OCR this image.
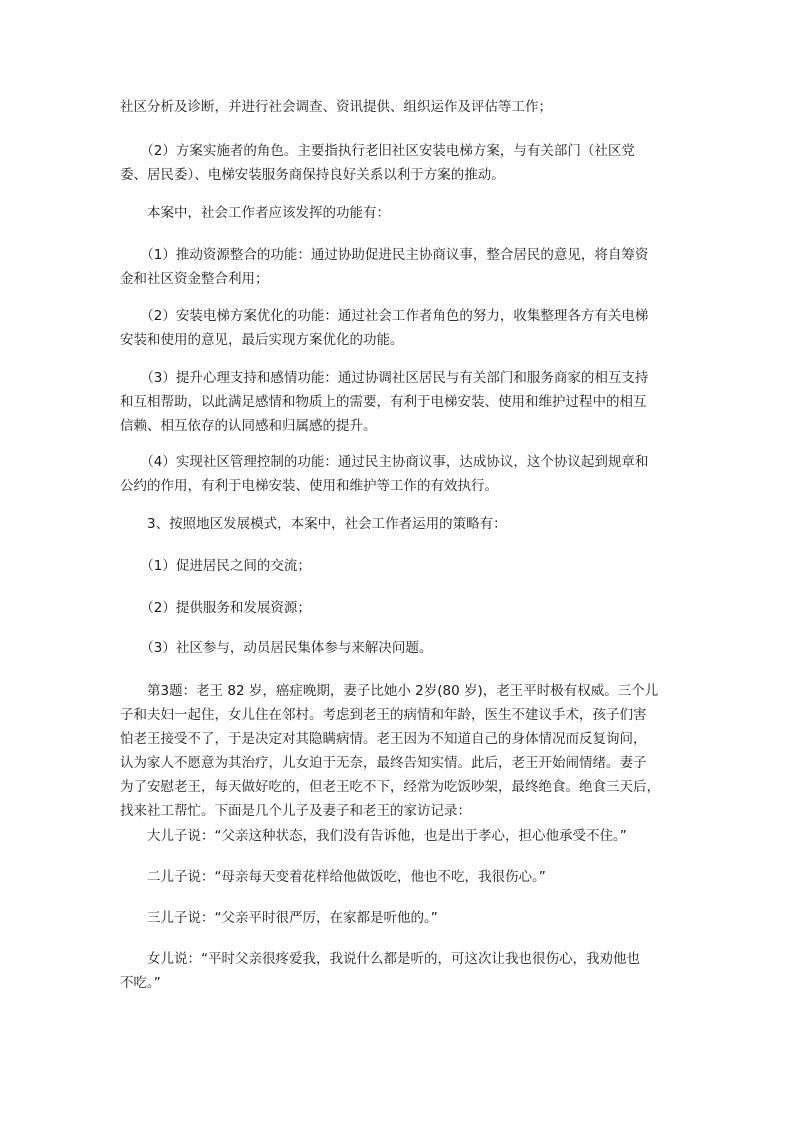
社区分析及诊断，并进行社会调查、资讯提供、组织运作及评估等工作；

　　（2）方案实施者的角色。主要指执行老旧社区安装电梯方案，与有关部门（社区党
委、居民委）、电梯安装服务商保持良好关系以利于方案的推动。

　　本案中，社会工作者应该发挥的功能有：

　　（1）推动资源整合的功能：通过协助促进民主协商议事，整合居民的意见，将自筹资
金和社区资金整合利用；

　　（2）安装电梯方案优化的功能：通过社会工作者角色的努力，收集整理各方有关电梯
安装和使用的意见，最后实现方案优化的功能。

　　（3）提升心理支持和感情功能：通过协调社区居民与有关部门和服务商家的相互支持
和互相帮助，以此满足感情和物质上的需要，有利于电梯安装、使用和维护过程中的相互
信赖、相互依存的认同感和归属感的提升。

　　（4）实现社区管理控制的功能：通过民主协商议事，达成协议，这个协议起到规章和
公约的作用，有利于电梯安装、使用和维护等工作的有效执行。

　　3、按照地区发展模式，本案中，社会工作者运用的策略有：

　　（1）促进居民之间的交流；

　　（2）提供服务和发展资源；

　　（3）社区参与，动员居民集体参与来解决问题。

　　第3题：老王 82 岁，癌症晚期，妻子比她小 2岁(80 岁)，老王平时极有权威。三个儿
子和夫妇一起住，女儿住在邻村。考虑到老王的病情和年龄，医生不建议手术，孩子们害
怕老王接受不了，于是决定对其隐瞒病情。老王因为不知道自己的身体情况而反复询问，
认为家人不愿意为其治疗，儿女迫于无奈，最终告知实情。此后，老王开始闹情绪。妻子
为了安慰老王，每天做好吃的，但老王吃不下，经常为吃饭吵架，最终绝食。绝食三天后，
找来社工帮忙。下面是几个儿子及妻子和老王的家访记录：

　　大儿子说：“父亲这种状态，我们没有告诉他，也是出于孝心，担心他承受不住。”

　　二儿子说：“母亲每天变着花样给他做饭吃，他也不吃，我很伤心。”

　　三儿子说：“父亲平时很严厉，在家都是听他的。”

　　女儿说：“平时父亲很疼爱我，我说什么都是听的，可这次让我也很伤心，我劝他也
不吃。”
